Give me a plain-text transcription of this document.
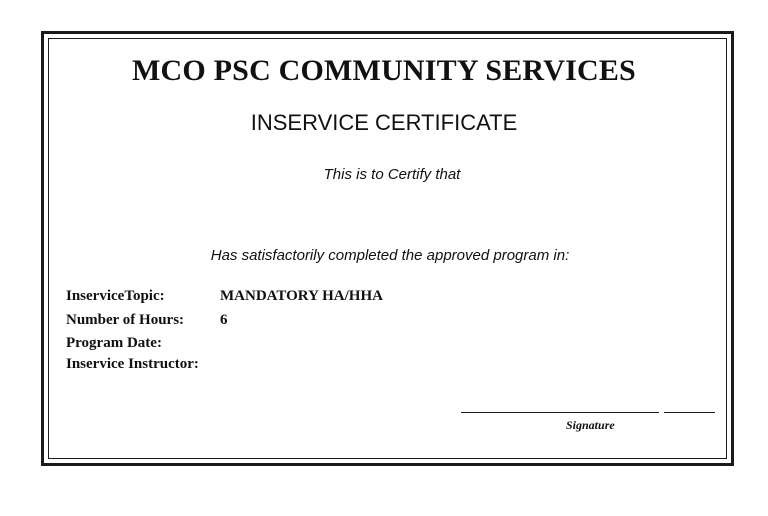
MCO PSC COMMUNITY SERVICES
INSERVICE CERTIFICATE
This is to Certify that
Has satisfactorily completed the approved program in:
InserviceTopic:	MANDATORY HA/HHA
Number of Hours: 6
Program Date:
Inservice Instructor:
Signature
